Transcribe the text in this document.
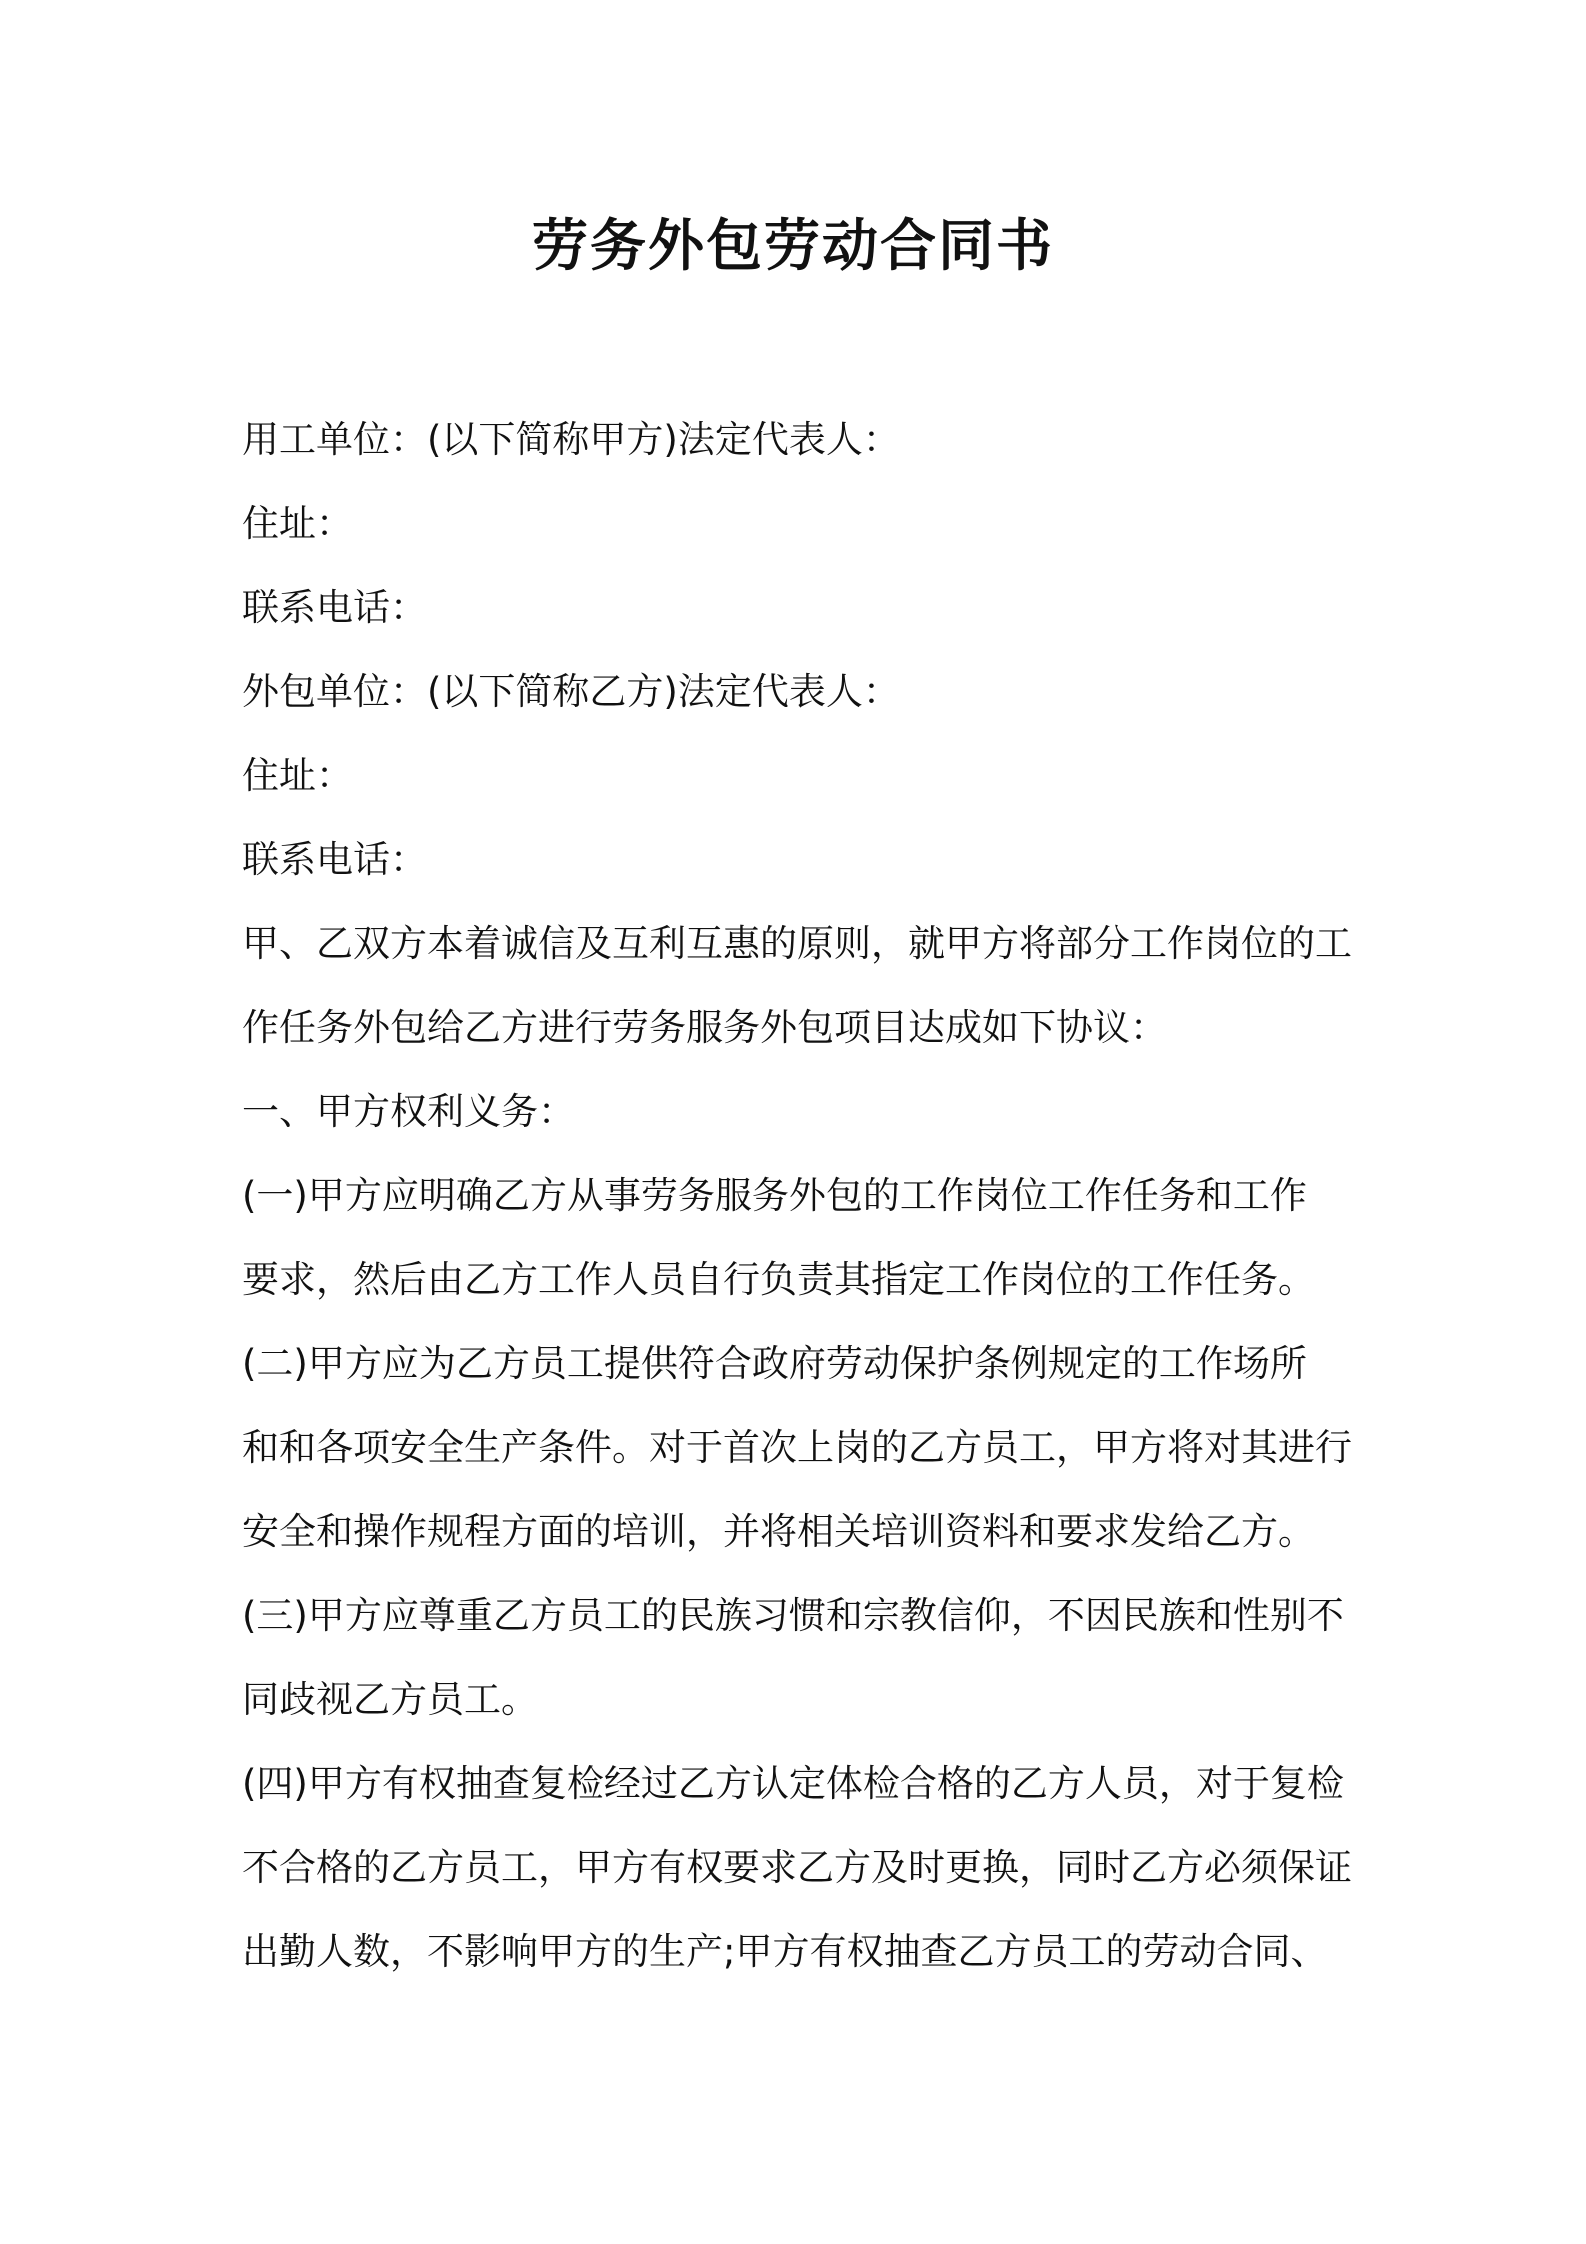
劳务外包劳动合同书

用工单位：(以下简称甲方)法定代表人：

住址：

联系电话：

外包单位：(以下简称乙方)法定代表人：

住址：

联系电话：

甲、乙双方本着诚信及互利互惠的原则，就甲方将部分工作岗位的工

作任务外包给乙方进行劳务服务外包项目达成如下协议：

一、甲方权利义务：

(一)甲方应明确乙方从事劳务服务外包的工作岗位工作任务和工作

要求，然后由乙方工作人员自行负责其指定工作岗位的工作任务。

(二)甲方应为乙方员工提供符合政府劳动保护条例规定的工作场所

和和各项安全生产条件。对于首次上岗的乙方员工，甲方将对其进行

安全和操作规程方面的培训，并将相关培训资料和要求发给乙方。

(三)甲方应尊重乙方员工的民族习惯和宗教信仰，不因民族和性别不

同歧视乙方员工。

(四)甲方有权抽查复检经过乙方认定体检合格的乙方人员，对于复检

不合格的乙方员工，甲方有权要求乙方及时更换，同时乙方必须保证

出勤人数，不影响甲方的生产;甲方有权抽查乙方员工的劳动合同、
